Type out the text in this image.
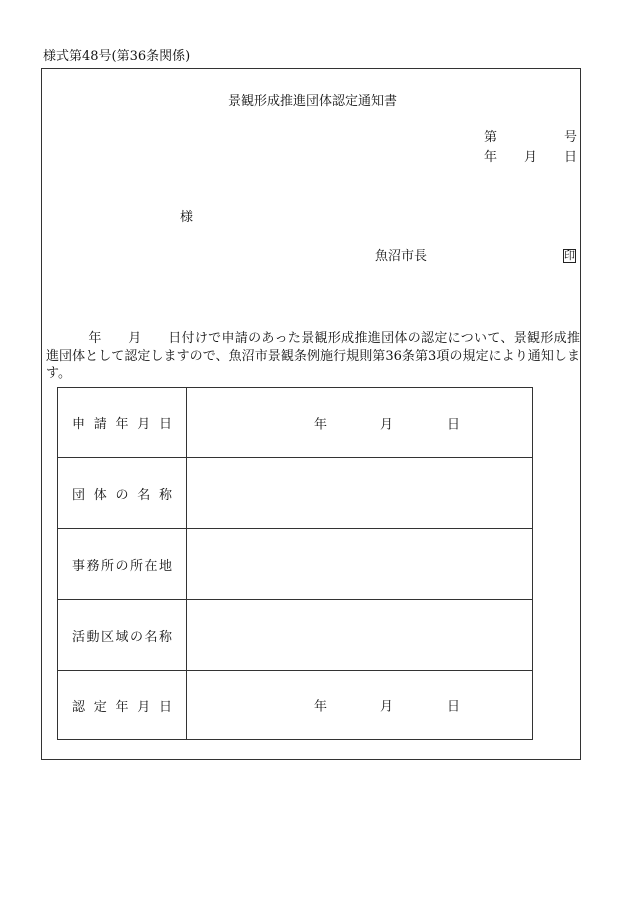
様式第48号(第36条関係)
景観形成推進団体認定通知書
第	号
年 月 日
様
魚沼市長	印
年　　月　　日付けで申請のあった景観形成推進団体の認定について、景観形成推進団体として認定しますので、魚沼市景観条例施行規則第36条第3項の規定により通知します。
申請年月日	年 月 日

団体の名称	
事務所の所在地	
活動区域の名称	
認定年月日	年 月 日
